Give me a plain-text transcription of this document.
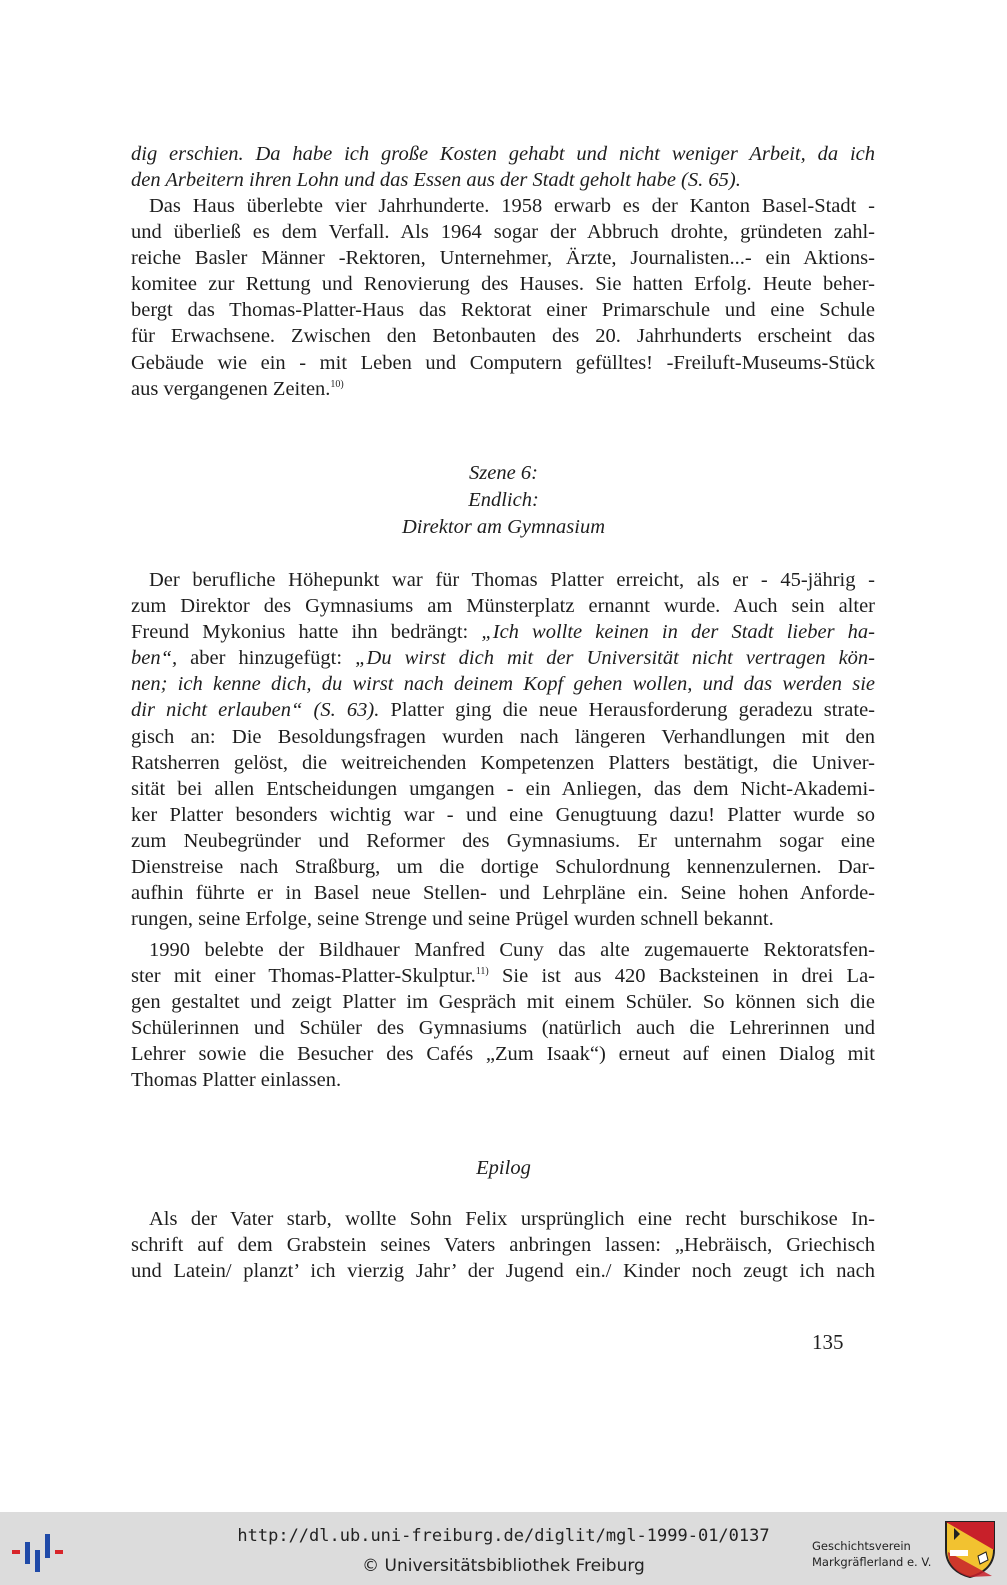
dig erschien. Da habe ich große Kosten gehabt und nicht weniger Arbeit, da ich
den Arbeitern ihren Lohn und das Essen aus der Stadt geholt habe (S. 65).
Das Haus überlebte vier Jahrhunderte. 1958 erwarb es der Kanton Basel-Stadt -
und überließ es dem Verfall. Als 1964 sogar der Abbruch drohte, gründeten zahl-
reiche Basler Männer -Rektoren, Unternehmer, Ärzte, Journalisten...- ein Aktions-
komitee zur Rettung und Renovierung des Hauses. Sie hatten Erfolg. Heute beher-
bergt das Thomas-Platter-Haus das Rektorat einer Primarschule und eine Schule
für Erwachsene. Zwischen den Betonbauten des 20. Jahrhunderts erscheint das
Gebäude wie ein - mit Leben und Computern gefülltes! -Freiluft-Museums-Stück
aus vergangenen Zeiten.$^{10)}$
Szene 6:
Endlich:
Direktor am Gymnasium
Der berufliche Höhepunkt war für Thomas Platter erreicht, als er - 45-jährig -
zum Direktor des Gymnasiums am Münsterplatz ernannt wurde. Auch sein alter
Freund Mykonius hatte ihn bedrängt: „Ich wollte keinen in der Stadt lieber ha-
ben“, aber hinzugefügt: „Du wirst dich mit der Universität nicht vertragen kön-
nen; ich kenne dich, du wirst nach deinem Kopf gehen wollen, und das werden sie
dir nicht erlauben“ (S. 63). Platter ging die neue Herausforderung geradezu strate-
gisch an: Die Besoldungsfragen wurden nach längeren Verhandlungen mit den
Ratsherren gelöst, die weitreichenden Kompetenzen Platters bestätigt, die Univer-
sität bei allen Entscheidungen umgangen - ein Anliegen, das dem Nicht-Akademi-
ker Platter besonders wichtig war - und eine Genugtuung dazu! Platter wurde so
zum Neubegründer und Reformer des Gymnasiums. Er unternahm sogar eine
Dienstreise nach Straßburg, um die dortige Schulordnung kennenzulernen. Dar-
aufhin führte er in Basel neue Stellen- und Lehrpläne ein. Seine hohen Anforde-
rungen, seine Erfolge, seine Strenge und seine Prügel wurden schnell bekannt.
1990 belebte der Bildhauer Manfred Cuny das alte zugemauerte Rektoratsfen-
ster mit einer Thomas-Platter-Skulptur.$^{11)}$ Sie ist aus 420 Backsteinen in drei La-
gen gestaltet und zeigt Platter im Gespräch mit einem Schüler. So können sich die
Schülerinnen und Schüler des Gymnasiums (natürlich auch die Lehrerinnen und
Lehrer sowie die Besucher des Cafés „Zum Isaak“) erneut auf einen Dialog mit
Thomas Platter einlassen.
Epilog
Als der Vater starb, wollte Sohn Felix ursprünglich eine recht burschikose In-
schrift auf dem Grabstein seines Vaters anbringen lassen: „Hebräisch, Griechisch
und Latein/ planzt’ ich vierzig Jahr’ der Jugend ein./ Kinder noch zeugt ich nach
135
http://dl.ub.uni-freiburg.de/diglit/mgl-1999-01/0137
© Universitätsbibliothek Freiburg
Geschichtsverein
Markgräflerland e. V.
